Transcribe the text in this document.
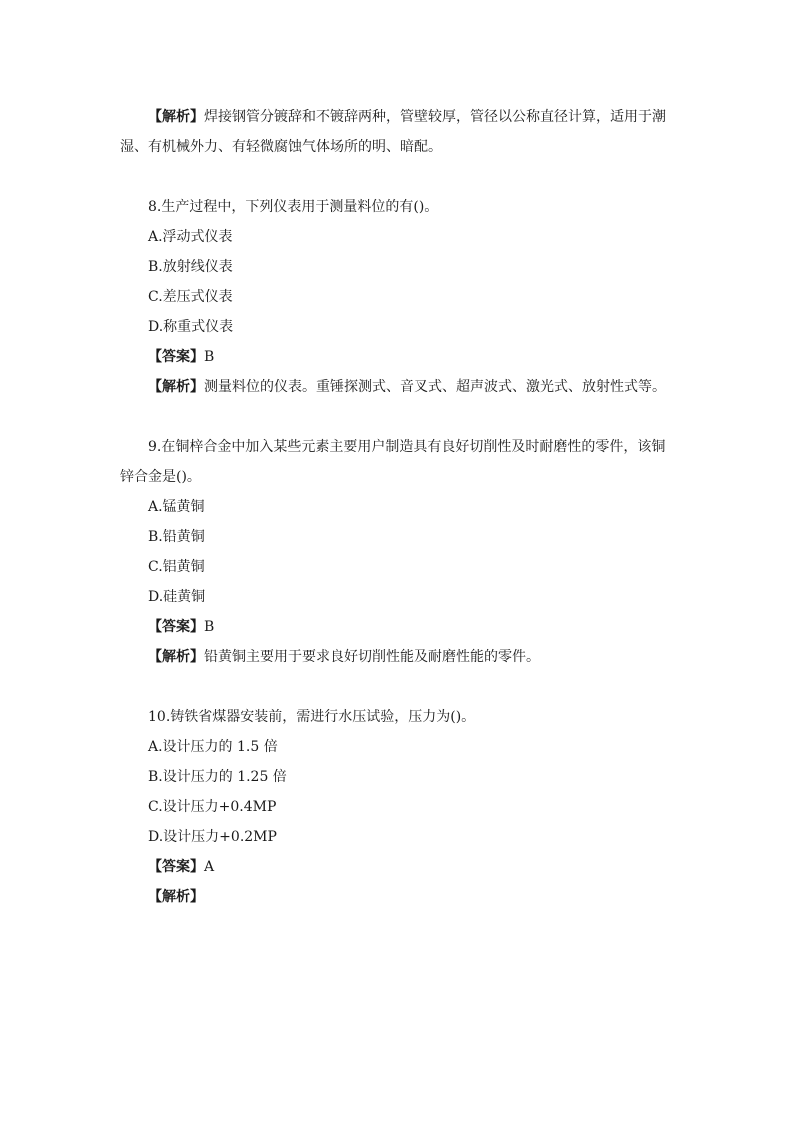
【解析】焊接钢管分镀辞和不镀辞两种，管壁较厚，管径以公称直径计算，适用于潮
湿、有机械外力、有轻微腐蚀气体场所的明、暗配。
8.生产过程中，下列仪表用于测量料位的有()。
A.浮动式仪表
B.放射线仪表
C.差压式仪表
D.称重式仪表
【答案】B
【解析】测量料位的仪表。重锤探测式、音叉式、超声波式、激光式、放射性式等。
9.在铜梓合金中加入某些元素主要用户制造具有良好切削性及时耐磨性的零件，该铜
锌合金是()。
A.锰黄铜
B.铅黄铜
C.铝黄铜
D.硅黄铜
【答案】B
【解析】铅黄铜主要用于要求良好切削性能及耐磨性能的零件。
10.铸铁省煤器安装前，需进行水压试验，压力为()。
A.设计压力的 1.5 倍
B.设计压力的 1.25 倍
C.设计压力+0.4MP
D.设计压力+0.2MP
【答案】A
【解析】
